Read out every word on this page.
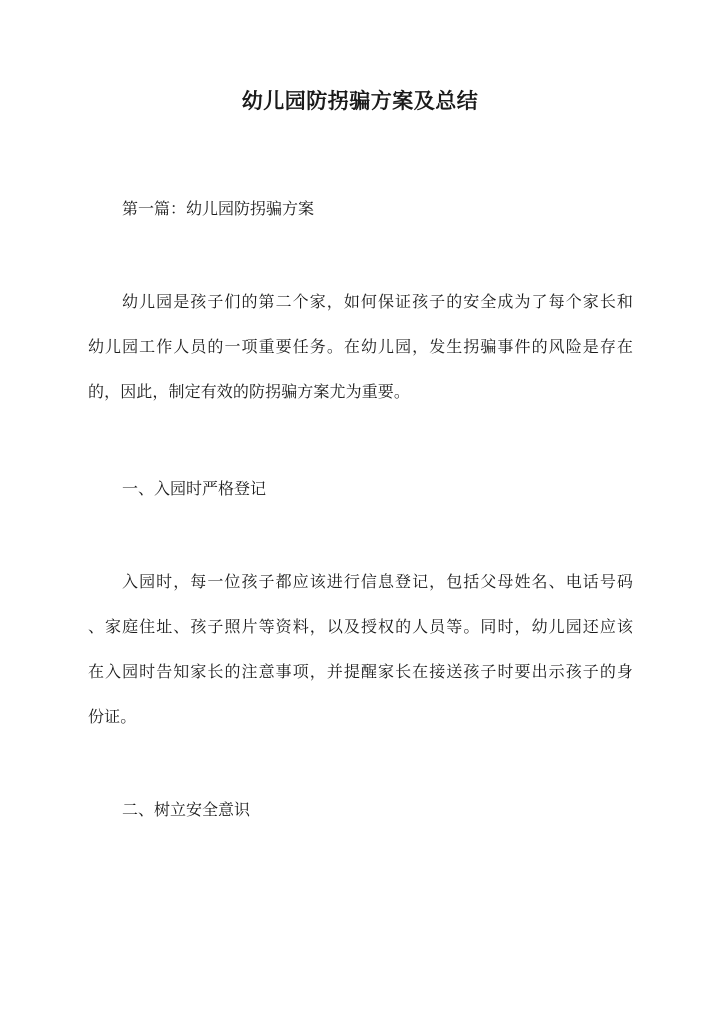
幼儿园防拐骗方案及总结
第一篇：幼儿园防拐骗方案
幼儿园是孩子们的第二个家，如何保证孩子的安全成为了每个家长和
幼儿园工作人员的一项重要任务。在幼儿园，发生拐骗事件的风险是存在
的，因此，制定有效的防拐骗方案尤为重要。
一、入园时严格登记
入园时，每一位孩子都应该进行信息登记，包括父母姓名、电话号码
、家庭住址、孩子照片等资料，以及授权的人员等。同时，幼儿园还应该
在入园时告知家长的注意事项，并提醒家长在接送孩子时要出示孩子的身
份证。
二、树立安全意识
